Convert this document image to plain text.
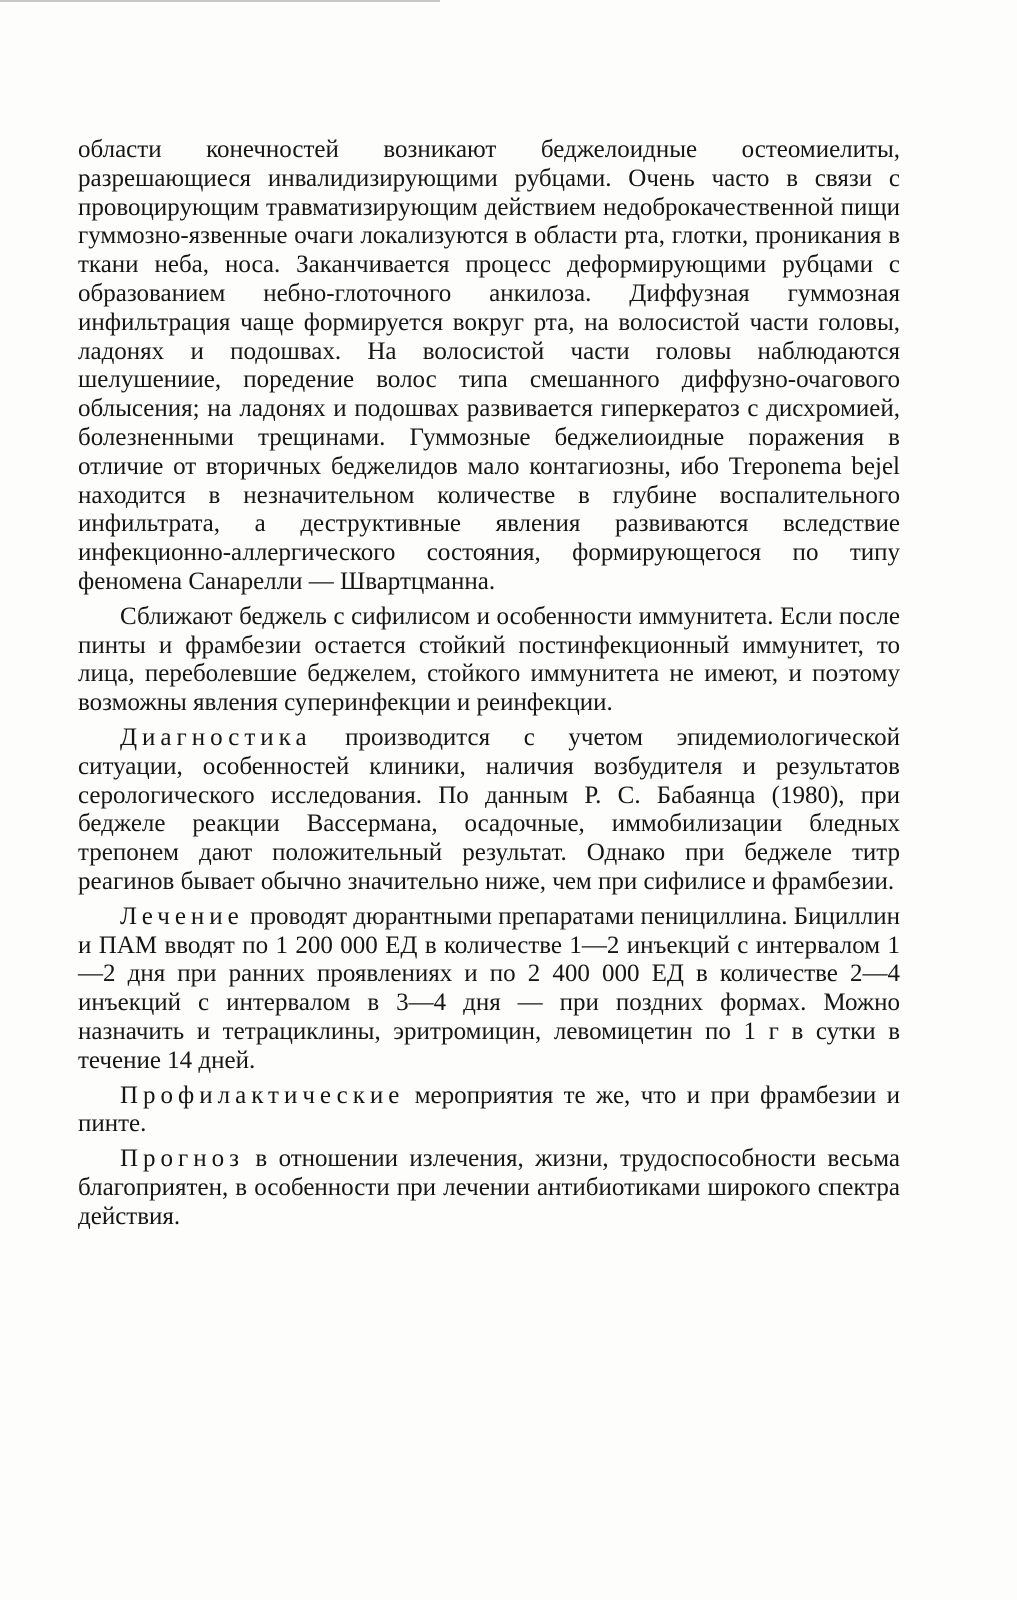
области конечностей возникают беджелоидные остеомиелиты, разрешающиеся инвалидизирующими рубцами. Очень часто в связи с провоцирующим травматизирующим действием недоброкачественной пищи гуммозно-язвенные очаги локализуются в области рта, глотки, проникания в ткани неба, носа. Заканчивается процесс деформирующими рубцами с образованием небно-глоточного анкилоза. Диффузная гуммозная инфильтрация чаще формируется вокруг рта, на волосистой части головы, ладонях и подошвах. На волосистой части головы наблюдаются шелушениие, поредение волос типа смешанного диффузно-очагового облысения; на ладонях и подошвах развивается гиперкератоз с дисхромией, болезненными трещинами. Гуммозные беджелиоидные поражения в отличие от вторичных беджелидов мало контагиозны, ибо Treponema bejel находится в незначительном количестве в глубине воспалительного инфильтрата, а деструктивные явления развиваются вследствие инфекционно-аллергического состояния, формирующегося по типу феномена Санарелли — Швартцманна.

Сближают беджель с сифилисом и особенности иммунитета. Если после пинты и фрамбезии остается стойкий постинфекционный иммунитет, то лица, переболевшие беджелем, стойкого иммунитета не имеют, и поэтому возможны явления суперинфекции и реинфекции.

Диагностика производится с учетом эпидемиологической ситуации, особенностей клиники, наличия возбудителя и результатов серологического исследования. По данным Р. С. Бабаянца (1980), при беджеле реакции Вассермана, осадочные, иммобилизации бледных трепонем дают положительный результат. Однако при беджеле титр реагинов бывает обычно значительно ниже, чем при сифилисе и фрамбезии.

Лечение проводят дюрантными препаратами пенициллина. Бициллин и ПАМ вводят по 1 200 000 ЕД в количестве 1—2 инъекций с интервалом 1—2 дня при ранних проявлениях и по 2 400 000 ЕД в количестве 2—4 инъекций с интервалом в 3—4 дня — при поздних формах. Можно назначить и тетрациклины, эритромицин, левомицетин по 1 г в сутки в течение 14 дней.

Профилактические мероприятия те же, что и при фрамбезии и пинте.

Прогноз в отношении излечения, жизни, трудоспособности весьма благоприятен, в особенности при лечении антибиотиками широкого спектра действия.
